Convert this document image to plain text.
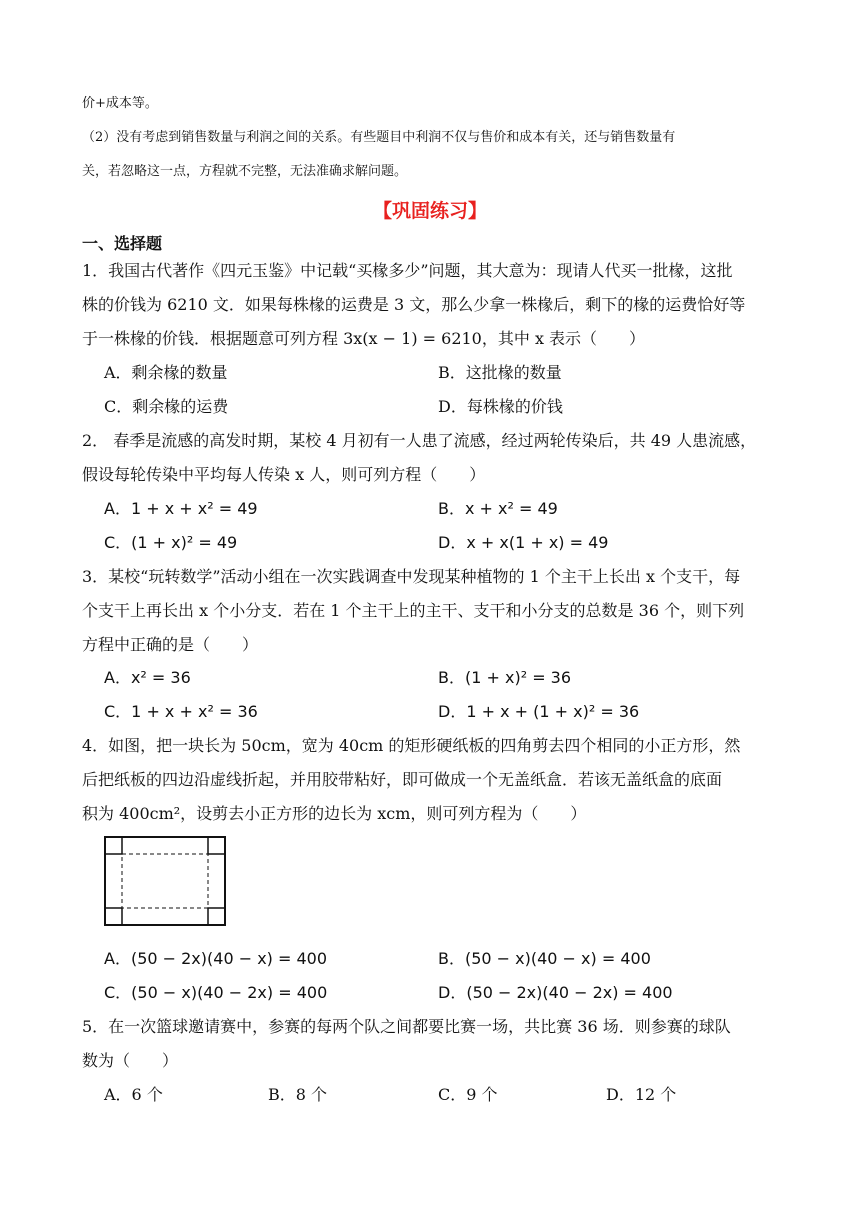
价+成本等。
（2）没有考虑到销售数量与利润之间的关系。有些题目中利润不仅与售价和成本有关，还与销售数量有
关，若忽略这一点，方程就不完整，无法准确求解问题。
【巩固练习】
一、选择题
1．我国古代著作《四元玉鉴》中记载“买椽多少”问题，其大意为：现请人代买一批椽，这批
株的价钱为 6210 文．如果每株椽的运费是 3 文，那么少拿一株椽后，剩下的椽的运费恰好等
于一株椽的价钱．根据题意可列方程 3x(x − 1) = 6210，其中 x 表示（　　）
A．剩余椽的数量	B．这批椽的数量
C．剩余椽的运费	D．每株椽的价钱
2． 春季是流感的高发时期，某校 4 月初有一人患了流感，经过两轮传染后，共 49 人患流感，
假设每轮传染中平均每人传染 x 人，则可列方程（　　）
A．1 + x + x² = 49	B．x + x² = 49
C．(1 + x)² = 49	D．x + x(1 + x) = 49
3．某校“玩转数学”活动小组在一次实践调查中发现某种植物的 1 个主干上长出 x 个支干，每
个支干上再长出 x 个小分支．若在 1 个主干上的主干、支干和小分支的总数是 36 个，则下列
方程中正确的是（　　）
A．x² = 36	B．(1 + x)² = 36
C．1 + x + x² = 36	D．1 + x + (1 + x)² = 36
4．如图，把一块长为 50cm，宽为 40cm 的矩形硬纸板的四角剪去四个相同的小正方形，然
后把纸板的四边沿虚线折起，并用胶带粘好，即可做成一个无盖纸盒．若该无盖纸盒的底面
积为 400cm²，设剪去小正方形的边长为 xcm，则可列方程为（　　）
A．(50 − 2x)(40 − x) = 400	B．(50 − x)(40 − x) = 400
C．(50 − x)(40 − 2x) = 400	D．(50 − 2x)(40 − 2x) = 400
5．在一次篮球邀请赛中，参赛的每两个队之间都要比赛一场，共比赛 36 场．则参赛的球队
数为（　　）
A．6 个	B．8 个	C．9 个	D．12 个
